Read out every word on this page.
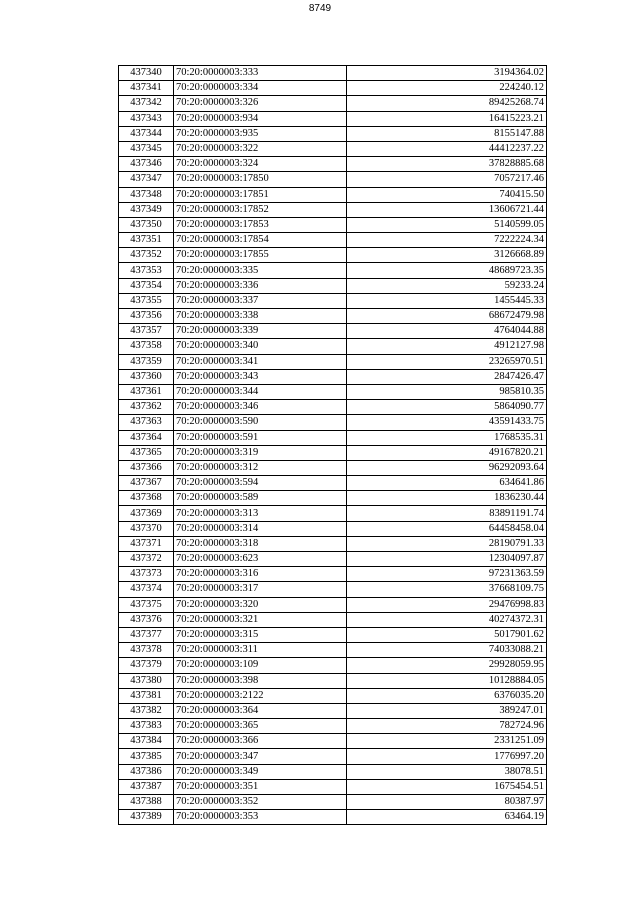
8749
437340	70:20:0000003:333	3194364.02
437341	70:20:0000003:334	224240.12
437342	70:20:0000003:326	89425268.74
437343	70:20:0000003:934	16415223.21
437344	70:20:0000003:935	8155147.88
437345	70:20:0000003:322	44412237.22
437346	70:20:0000003:324	37828885.68
437347	70:20:0000003:17850	7057217.46
437348	70:20:0000003:17851	740415.50
437349	70:20:0000003:17852	13606721.44
437350	70:20:0000003:17853	5140599.05
437351	70:20:0000003:17854	7222224.34
437352	70:20:0000003:17855	3126668.89
437353	70:20:0000003:335	48689723.35
437354	70:20:0000003:336	59233.24
437355	70:20:0000003:337	1455445.33
437356	70:20:0000003:338	68672479.98
437357	70:20:0000003:339	4764044.88
437358	70:20:0000003:340	4912127.98
437359	70:20:0000003:341	23265970.51
437360	70:20:0000003:343	2847426.47
437361	70:20:0000003:344	985810.35
437362	70:20:0000003:346	5864090.77
437363	70:20:0000003:590	43591433.75
437364	70:20:0000003:591	1768535.31
437365	70:20:0000003:319	49167820.21
437366	70:20:0000003:312	96292093.64
437367	70:20:0000003:594	634641.86
437368	70:20:0000003:589	1836230.44
437369	70:20:0000003:313	83891191.74
437370	70:20:0000003:314	64458458.04
437371	70:20:0000003:318	28190791.33
437372	70:20:0000003:623	12304097.87
437373	70:20:0000003:316	97231363.59
437374	70:20:0000003:317	37668109.75
437375	70:20:0000003:320	29476998.83
437376	70:20:0000003:321	40274372.31
437377	70:20:0000003:315	5017901.62
437378	70:20:0000003:311	74033088.21
437379	70:20:0000003:109	29928059.95
437380	70:20:0000003:398	10128884.05
437381	70:20:0000003:2122	6376035.20
437382	70:20:0000003:364	389247.01
437383	70:20:0000003:365	782724.96
437384	70:20:0000003:366	2331251.09
437385	70:20:0000003:347	1776997.20
437386	70:20:0000003:349	38078.51
437387	70:20:0000003:351	1675454.51
437388	70:20:0000003:352	80387.97
437389	70:20:0000003:353	63464.19
